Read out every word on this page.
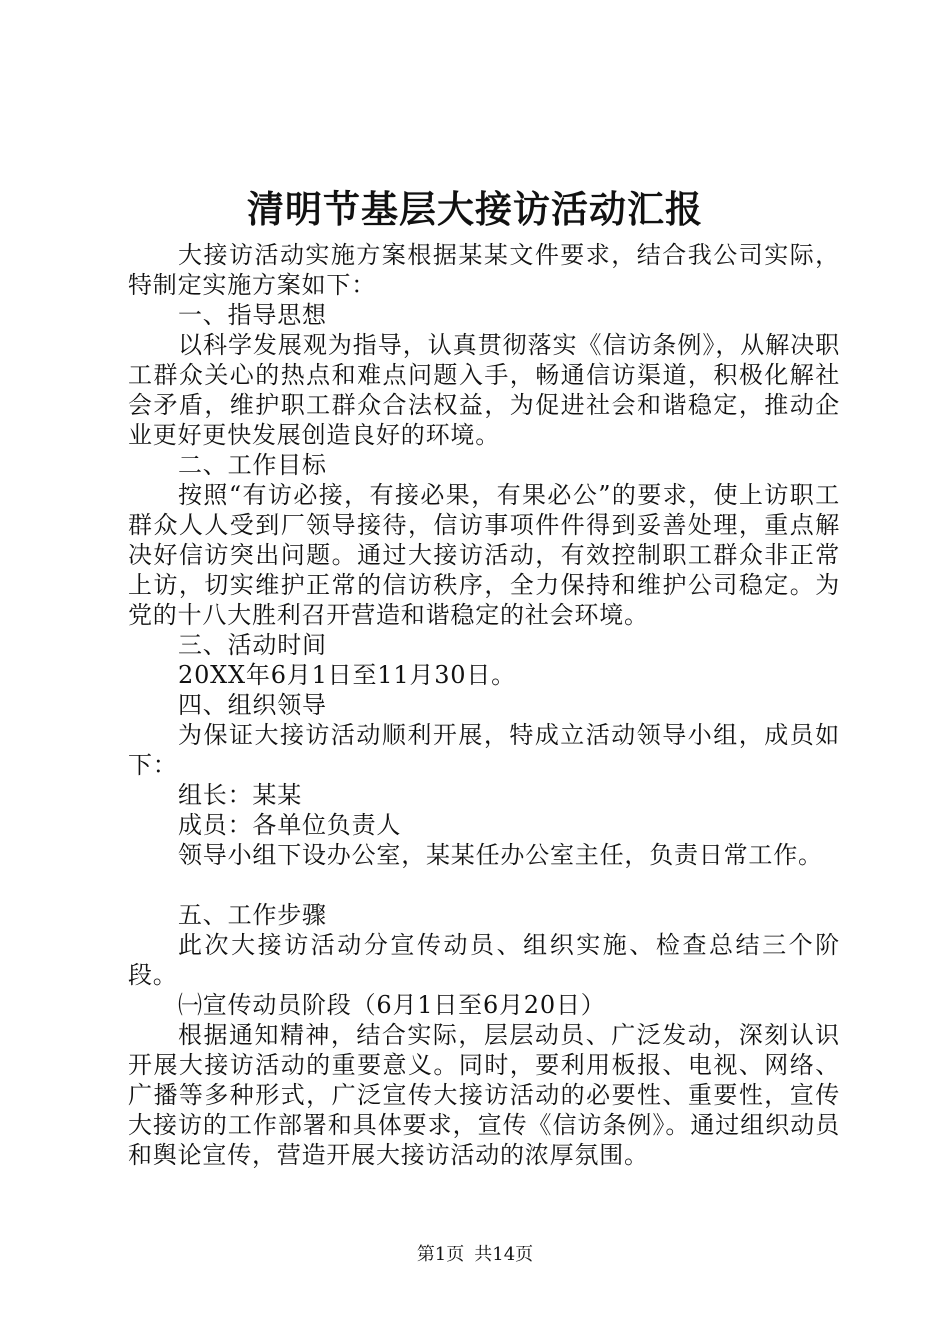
清明节基层大接访活动汇报

大接访活动实施方案根据某某文件要求，结合我公司实际，特制定实施方案如下：

一、指导思想

以科学发展观为指导，认真贯彻落实《信访条例》，从解决职工群众关心的热点和难点问题入手，畅通信访渠道，积极化解社会矛盾，维护职工群众合法权益，为促进社会和谐稳定，推动企业更好更快发展创造良好的环境。

二、工作目标

按照“有访必接，有接必果，有果必公”的要求，使上访职工群众人人受到厂领导接待，信访事项件件得到妥善处理，重点解决好信访突出问题。通过大接访活动，有效控制职工群众非正常上访，切实维护正常的信访秩序，全力保持和维护公司稳定。为党的十八大胜利召开营造和谐稳定的社会环境。

三、活动时间

20XX年6月1日至11月30日。

四、组织领导

为保证大接访活动顺利开展，特成立活动领导小组，成员如下：

组长：某某

成员：各单位负责人

领导小组下设办公室，某某任办公室主任，负责日常工作。

五、工作步骤

此次大接访活动分宣传动员、组织实施、检查总结三个阶段。

㈠宣传动员阶段（6月1日至6月20日）

根据通知精神，结合实际，层层动员、广泛发动，深刻认识开展大接访活动的重要意义。同时，要利用板报、电视、网络、广播等多种形式，广泛宣传大接访活动的必要性、重要性，宣传大接访的工作部署和具体要求，宣传《信访条例》。通过组织动员和舆论宣传，营造开展大接访活动的浓厚氛围。

第1页 共14页
